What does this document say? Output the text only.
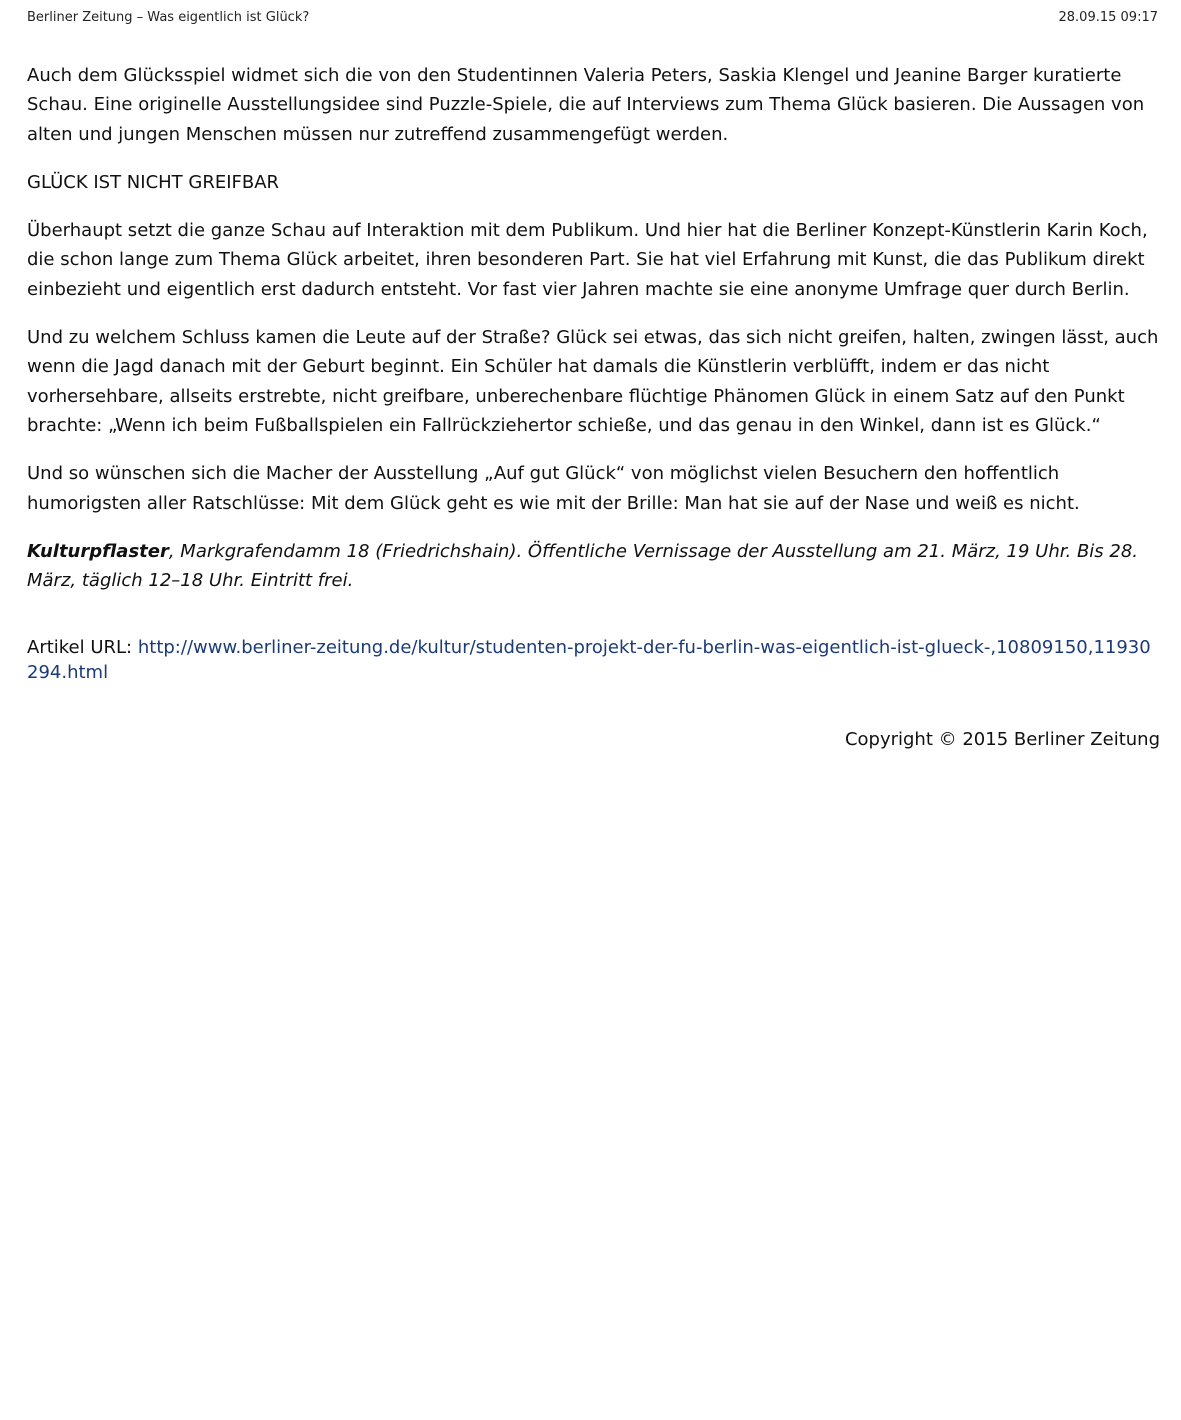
Berliner Zeitung – Was eigentlich ist Glück?	28.09.15 09:17

Auch dem Glücksspiel widmet sich die von den Studentinnen Valeria Peters, Saskia Klengel und Jeanine Barger kuratierte Schau. Eine originelle Ausstellungsidee sind Puzzle-Spiele, die auf Interviews zum Thema Glück basieren. Die Aussagen von alten und jungen Menschen müssen nur zutreffend zusammengefügt werden.

GLÜCK IST NICHT GREIFBAR

Überhaupt setzt die ganze Schau auf Interaktion mit dem Publikum. Und hier hat die Berliner Konzept-Künstlerin Karin Koch, die schon lange zum Thema Glück arbeitet, ihren besonderen Part. Sie hat viel Erfahrung mit Kunst, die das Publikum direkt einbezieht und eigentlich erst dadurch entsteht. Vor fast vier Jahren machte sie eine anonyme Umfrage quer durch Berlin.

Und zu welchem Schluss kamen die Leute auf der Straße? Glück sei etwas, das sich nicht greifen, halten, zwingen lässt, auch wenn die Jagd danach mit der Geburt beginnt. Ein Schüler hat damals die Künstlerin verblüfft, indem er das nicht vorhersehbare, allseits erstrebte, nicht greifbare, unberechenbare flüchtige Phänomen Glück in einem Satz auf den Punkt brachte: „Wenn ich beim Fußballspielen ein Fallrückziehertor schieße, und das genau in den Winkel, dann ist es Glück.“

Und so wünschen sich die Macher der Ausstellung „Auf gut Glück“ von möglichst vielen Besuchern den hoffentlich humorigsten aller Ratschlüsse: Mit dem Glück geht es wie mit der Brille: Man hat sie auf der Nase und weiß es nicht.

Kulturpflaster, Markgrafendamm 18 (Friedrichshain). Öffentliche Vernissage der Ausstellung am 21. März, 19 Uhr. Bis 28. März, täglich 12–18 Uhr. Eintritt frei.

Artikel URL: http://www.berliner-zeitung.de/kultur/studenten-projekt-der-fu-berlin-was-eigentlich-ist-glueck-,10809150,11930294.html
Copyright © 2015 Berliner Zeitung
